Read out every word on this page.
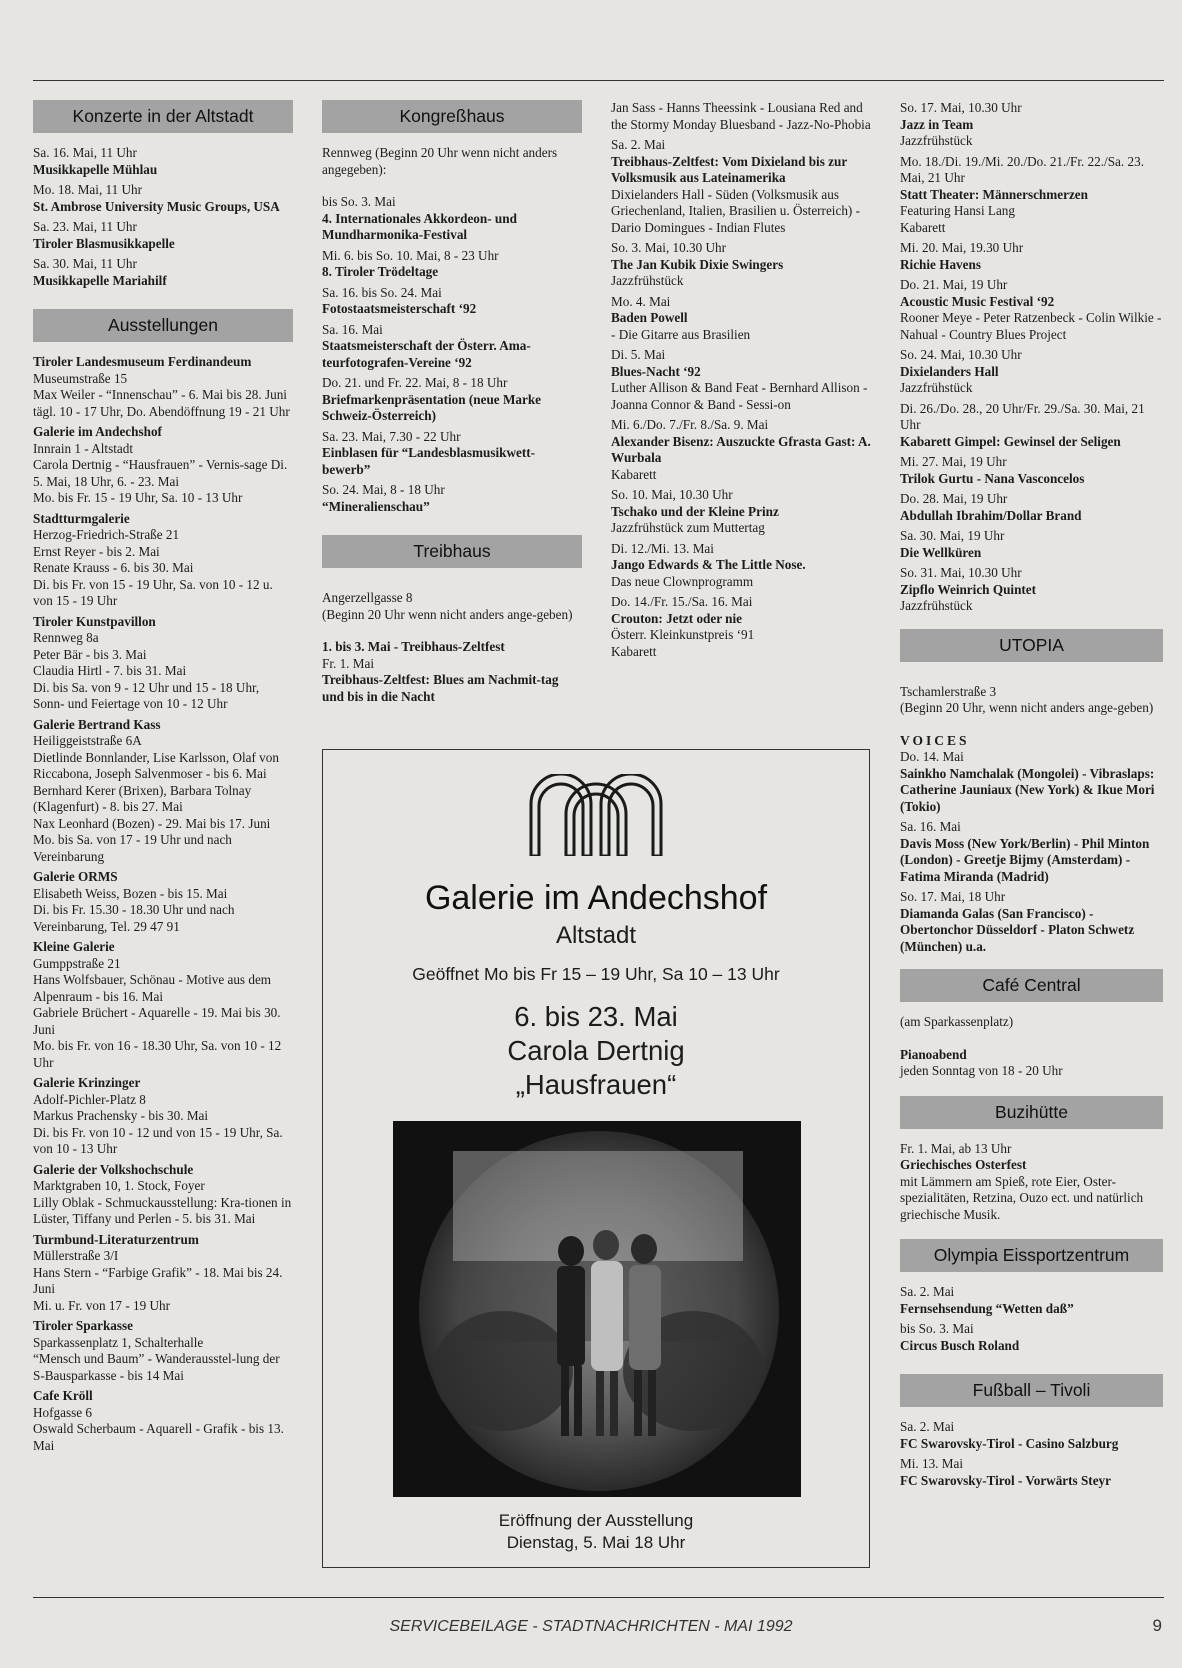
Konzerte in der Altstadt
Sa. 16. Mai, 11 Uhr
Musikkapelle Mühlau
Mo. 18. Mai, 11 Uhr
St. Ambrose University Music Groups, USA
Sa. 23. Mai, 11 Uhr
Tiroler Blasmusikkapelle
Sa. 30. Mai, 11 Uhr
Musikkapelle Mariahilf
Ausstellungen
Tiroler Landesmuseum Ferdinandeum
Museumstraße 15
Max Weiler - “Innenschau” - 6. Mai bis 28. Juni
tägl. 10 - 17 Uhr, Do. Abendöffnung 19 - 21 Uhr
Galerie im Andechshof
Innrain 1 - Altstadt
Carola Dertnig - “Hausfrauen” - Vernis-sage Di. 5. Mai, 18 Uhr, 6. - 23. Mai
Mo. bis Fr. 15 - 19 Uhr, Sa. 10 - 13 Uhr
Stadtturmgalerie
Herzog-Friedrich-Straße 21
Ernst Reyer - bis 2. Mai
Renate Krauss - 6. bis 30. Mai
Di. bis Fr. von 15 - 19 Uhr, Sa. von 10 - 12 u. von 15 - 19 Uhr
Tiroler Kunstpavillon
Rennweg 8a
Peter Bär - bis 3. Mai
Claudia Hirtl - 7. bis 31. Mai
Di. bis Sa. von 9 - 12 Uhr und 15 - 18 Uhr, Sonn- und Feiertage von 10 - 12 Uhr
Galerie Bertrand Kass
Heiliggeiststraße 6A
Dietlinde Bonnlander, Lise Karlsson, Olaf von Riccabona, Joseph Salvenmoser - bis 6. Mai
Bernhard Kerer (Brixen), Barbara Tolnay (Klagenfurt) - 8. bis 27. Mai
Nax Leonhard (Bozen) - 29. Mai bis 17. Juni
Mo. bis Sa. von 17 - 19 Uhr und nach Vereinbarung
Galerie ORMS
Elisabeth Weiss, Bozen - bis 15. Mai
Di. bis Fr. 15.30 - 18.30 Uhr und nach Vereinbarung, Tel. 29 47 91
Kleine Galerie
Gumppstraße 21
Hans Wolfsbauer, Schönau - Motive aus dem Alpenraum - bis 16. Mai
Gabriele Brüchert - Aquarelle - 19. Mai bis 30. Juni
Mo. bis Fr. von 16 - 18.30 Uhr, Sa. von 10 - 12 Uhr
Galerie Krinzinger
Adolf-Pichler-Platz 8
Markus Prachensky - bis 30. Mai
Di. bis Fr. von 10 - 12 und von 15 - 19 Uhr, Sa. von 10 - 13 Uhr
Galerie der Volkshochschule
Marktgraben 10, 1. Stock, Foyer
Lilly Oblak - Schmuckausstellung: Kra-tionen in Lüster, Tiffany und Perlen - 5. bis 31. Mai
Turmbund-Literaturzentrum
Müllerstraße 3/I
Hans Stern - “Farbige Grafik” - 18. Mai bis 24. Juni
Mi. u. Fr. von 17 - 19 Uhr
Tiroler Sparkasse
Sparkassenplatz 1, Schalterhalle
“Mensch und Baum” - Wanderausstel-lung der S-Bausparkasse - bis 14 Mai
Cafe Kröll
Hofgasse 6
Oswald Scherbaum - Aquarell - Grafik - bis 13. Mai
Kongreßhaus
Rennweg (Beginn 20 Uhr wenn nicht anders angegeben):
bis So. 3. Mai
4. Internationales Akkordeon- und Mundharmonika-Festival
Mi. 6. bis So. 10. Mai, 8 - 23 Uhr
8. Tiroler Trödeltage
Sa. 16. bis So. 24. Mai
Fotostaatsmeisterschaft ‘92
Sa. 16. Mai
Staatsmeisterschaft der Österr. Ama-teurfotografen-Vereine ‘92
Do. 21. und Fr. 22. Mai, 8 - 18 Uhr
Briefmarkenpräsentation (neue Marke Schweiz-Österreich)
Sa. 23. Mai, 7.30 - 22 Uhr
Einblasen für “Landesblasmusikwett-bewerb”
So. 24. Mai, 8 - 18 Uhr
“Mineralienschau”
Treibhaus
Angerzellgasse 8
(Beginn 20 Uhr wenn nicht anders ange-geben)
1. bis 3. Mai - Treibhaus-Zeltfest
Fr. 1. Mai
Treibhaus-Zeltfest: Blues am Nachmit-tag und bis in die Nacht
Jan Sass - Hanns Theessink - Lousiana Red and the Stormy Monday Bluesband - Jazz-No-Phobia
Sa. 2. Mai
Treibhaus-Zeltfest: Vom Dixieland bis zur Volksmusik aus Lateinamerika
Dixielanders Hall - Süden (Volksmusik aus Griechenland, Italien, Brasilien u. Österreich) - Dario Domingues - Indian Flutes
So. 3. Mai, 10.30 Uhr
The Jan Kubik Dixie Swingers
Jazzfrühstück
Mo. 4. Mai
Baden Powell
- Die Gitarre aus Brasilien
Di. 5. Mai
Blues-Nacht ‘92
Luther Allison & Band Feat - Bernhard Allison - Joanna Connor & Band - Sessi-on
Mi. 6./Do. 7./Fr. 8./Sa. 9. Mai
Alexander Bisenz: Auszuckte Gfrasta Gast: A. Wurbala
Kabarett
So. 10. Mai, 10.30 Uhr
Tschako und der Kleine Prinz
Jazzfrühstück zum Muttertag
Di. 12./Mi. 13. Mai
Jango Edwards & The Little Nose.
Das neue Clownprogramm
Do. 14./Fr. 15./Sa. 16. Mai
Crouton: Jetzt oder nie
Österr. Kleinkunstpreis ‘91
Kabarett
So. 17. Mai, 10.30 Uhr
Jazz in Team
Jazzfrühstück
Mo. 18./Di. 19./Mi. 20./Do. 21./Fr. 22./Sa. 23. Mai, 21 Uhr
Statt Theater: Männerschmerzen
Featuring Hansi Lang
Kabarett
Mi. 20. Mai, 19.30 Uhr
Richie Havens
Do. 21. Mai, 19 Uhr
Acoustic Music Festival ‘92
Rooner Meye - Peter Ratzenbeck - Colin Wilkie - Nahual - Country Blues Project
So. 24. Mai, 10.30 Uhr
Dixielanders Hall
Jazzfrühstück
Di. 26./Do. 28., 20 Uhr/Fr. 29./Sa. 30. Mai, 21 Uhr
Kabarett Gimpel: Gewinsel der Seligen
Mi. 27. Mai, 19 Uhr
Trilok Gurtu - Nana Vasconcelos
Do. 28. Mai, 19 Uhr
Abdullah Ibrahim/Dollar Brand
Sa. 30. Mai, 19 Uhr
Die Wellküren
So. 31. Mai, 10.30 Uhr
Zipflo Weinrich Quintet
Jazzfrühstück
UTOPIA
Tschamlerstraße 3
(Beginn 20 Uhr, wenn nicht anders ange-geben)
VOICES
Do. 14. Mai
Sainkho Namchalak (Mongolei) - Vibraslaps: Catherine Jauniaux (New York) & Ikue Mori (Tokio)
Sa. 16. Mai
Davis Moss (New York/Berlin) - Phil Minton (London) - Greetje Bijmy (Amsterdam) - Fatima Miranda (Madrid)
So. 17. Mai, 18 Uhr
Diamanda Galas (San Francisco) - Obertonchor Düsseldorf - Platon Schwetz (München) u.a.
Café Central
(am Sparkassenplatz)
Pianoabend
jeden Sonntag von 18 - 20 Uhr
Buzihütte
Fr. 1. Mai, ab 13 Uhr
Griechisches Osterfest
mit Lämmern am Spieß, rote Eier, Oster-spezialitäten, Retzina, Ouzo ect. und natürlich griechische Musik.
Olympia Eissportzentrum
Sa. 2. Mai
Fernsehsendung “Wetten daß”
bis So. 3. Mai
Circus Busch Roland
Fußball – Tivoli
Sa. 2. Mai
FC Swarovsky-Tirol - Casino Salzburg
Mi. 13. Mai
FC Swarovsky-Tirol - Vorwärts Steyr
Galerie im Andechshof
Altstadt
Geöffnet Mo bis Fr 15 – 19 Uhr, Sa 10 – 13 Uhr
6. bis 23. Mai
Carola Dertnig
„Hausfrauen“
Eröffnung der Ausstellung
Dienstag, 5. Mai 18 Uhr
SERVICEBEILAGE - STADTNACHRICHTEN - MAI 1992	9
